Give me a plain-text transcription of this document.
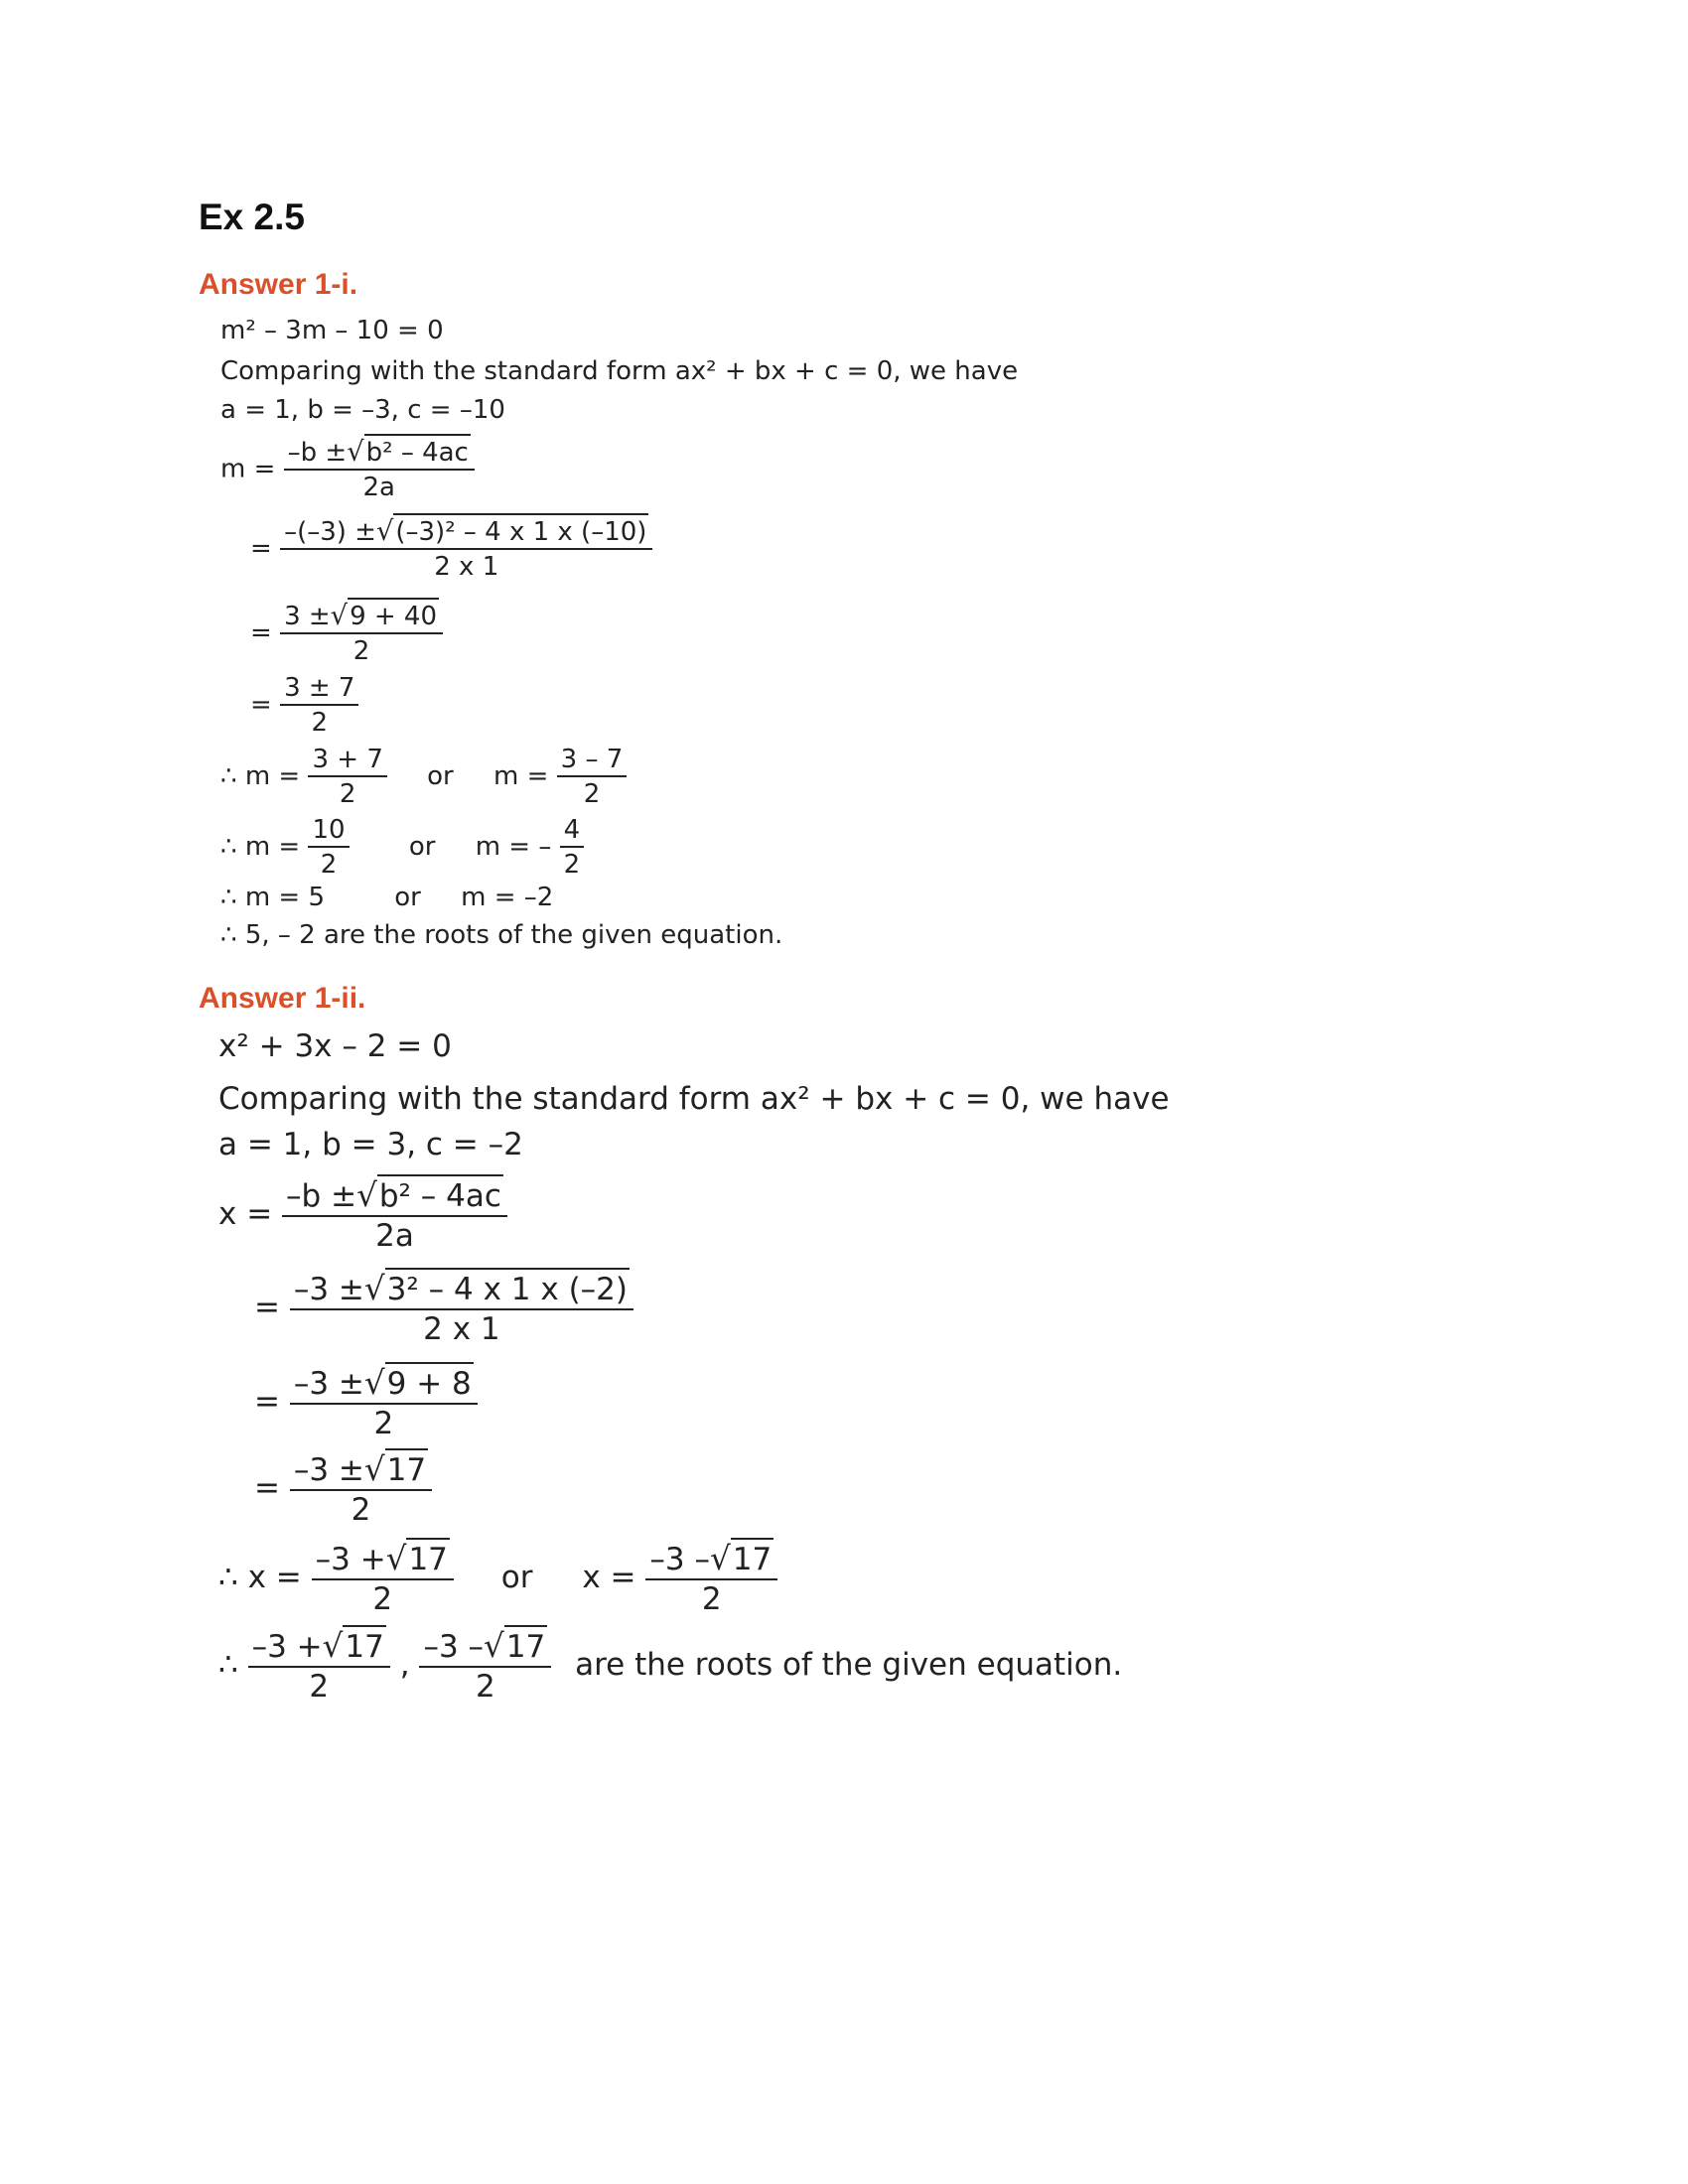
Ex 2.5
Answer 1-i.
m² – 3m – 10 = 0
Comparing with the standard form ax² + bx + c = 0, we have
a = 1, b = –3, c = –10
$m = \frac{\text{–b ±√b² – 4ac}}{2a}$
= $\frac{\text{–(–3) ±√(–3)² – 4 x 1 x (–10)}}{2 x 1}$
= $\frac{3 \pm√9 + 40}{2}$
= $\frac{3 \pm 7}{2}$
∴ $m = \frac{3 + 7}{2}$ or $m = \frac{3 - 7}{2}$
∴ $m = \frac{10}{2}$ or m = – $\frac{4}{2}$
∴ m = 5	or m = –2
∴ 5, – 2 are the roots of the given equation.
Answer 1-ii.
x² + 3x – 2 = 0
Comparing with the standard form ax² + bx + c = 0, we have
a = 1, b = 3, c = –2
$x = \frac{\text{–b ±√b² – 4ac}}{2a}$
= $\frac{\text{–3 ±√3² – 4 x 1 x (–2)}}{2 x 1}$
= $\frac{-3 \pm√9 + 8}{2}$
= $\frac{-3 \pm√17}{2}$
∴ $x = \frac{-3 +√17}{2}$ or $x = \frac{-3 -√17}{2}$
∴ $\frac{-3 +√17}{2}$ , $\frac{-3 -√17}{2}$ are the roots of the given equation.
